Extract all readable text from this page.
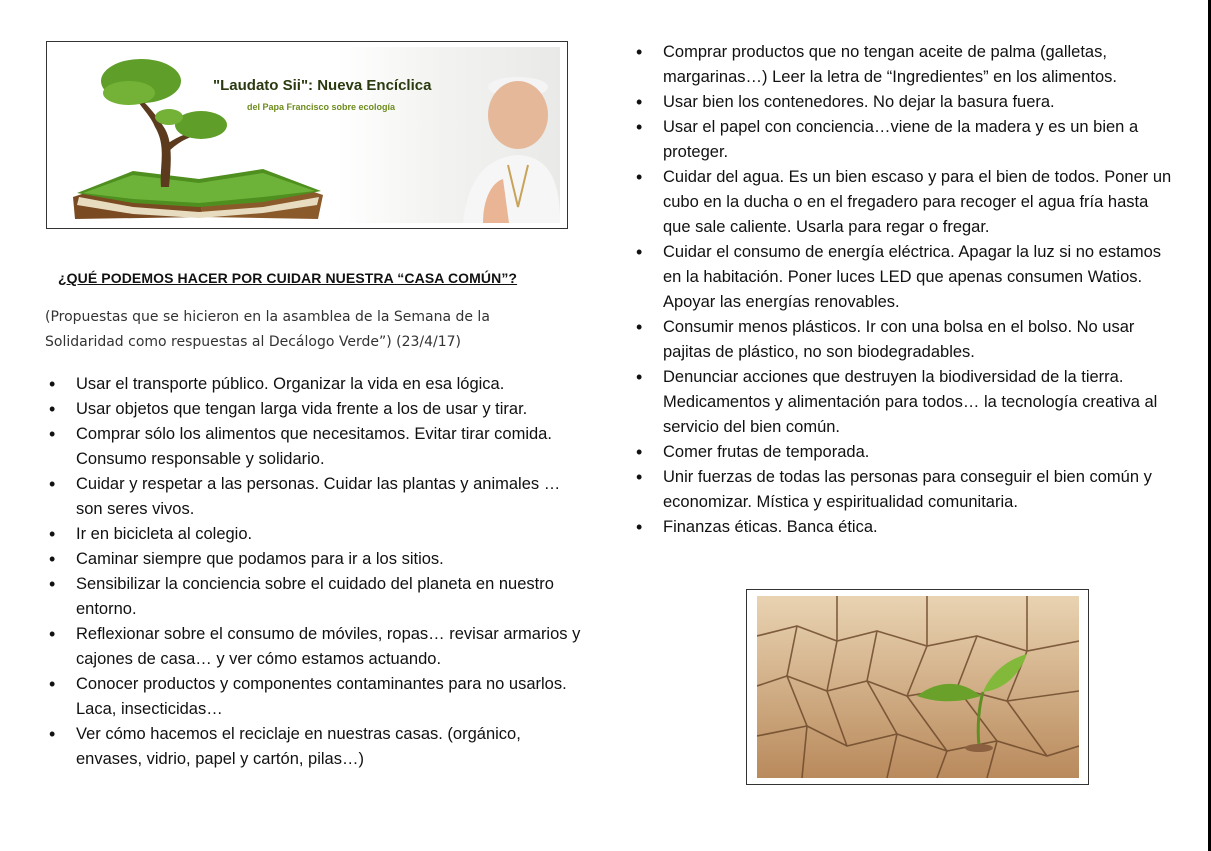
"Laudato Sii": Nueva Encíclica
del Papa Francisco sobre ecología
¿QUÉ PODEMOS HACER POR CUIDAR NUESTRA “CASA COMÚN”?
(Propuestas que se hicieron en la asamblea de la Semana de la Solidaridad como respuestas al Decálogo Verde”) (23/4/17)
• Usar el transporte público. Organizar la vida en esa lógica.
• Usar objetos que tengan larga vida frente a los de usar y tirar.
• Comprar sólo los alimentos que necesitamos. Evitar tirar comida. Consumo responsable y solidario.
• Cuidar y respetar a las personas. Cuidar las plantas y animales …son seres vivos.
• Ir en bicicleta al colegio.
• Caminar siempre que podamos para ir a los sitios.
• Sensibilizar la conciencia sobre el cuidado del planeta en nuestro entorno.
• Reflexionar sobre el consumo de móviles, ropas… revisar armarios y cajones de casa… y ver cómo estamos actuando.
• Conocer productos y componentes contaminantes para no usarlos. Laca, insecticidas…
• Ver cómo hacemos el reciclaje en nuestras casas. (orgánico, envases, vidrio, papel y cartón, pilas…)
• Comprar productos que no tengan aceite de palma (galletas, margarinas…) Leer la letra de “Ingredientes” en los alimentos.
• Usar bien los contenedores. No dejar la basura fuera.
• Usar el papel con conciencia…viene de la madera y es un bien a proteger.
• Cuidar del agua. Es un bien escaso y para el bien de todos. Poner un cubo en la ducha o en el fregadero para recoger el agua fría hasta que sale caliente. Usarla para regar o fregar.
• Cuidar el consumo de energía eléctrica. Apagar la luz si no estamos en la habitación. Poner luces LED que apenas consumen Watios. Apoyar las energías renovables.
• Consumir menos plásticos. Ir con una bolsa en el bolso. No usar pajitas de plástico, no son biodegradables.
• Denunciar acciones que destruyen la biodiversidad de la tierra. Medicamentos y alimentación para todos… la tecnología creativa al servicio del bien común.
• Comer frutas de temporada.
• Unir fuerzas de todas las personas para conseguir el bien común y economizar. Mística y espiritualidad comunitaria.
• Finanzas éticas. Banca ética.
